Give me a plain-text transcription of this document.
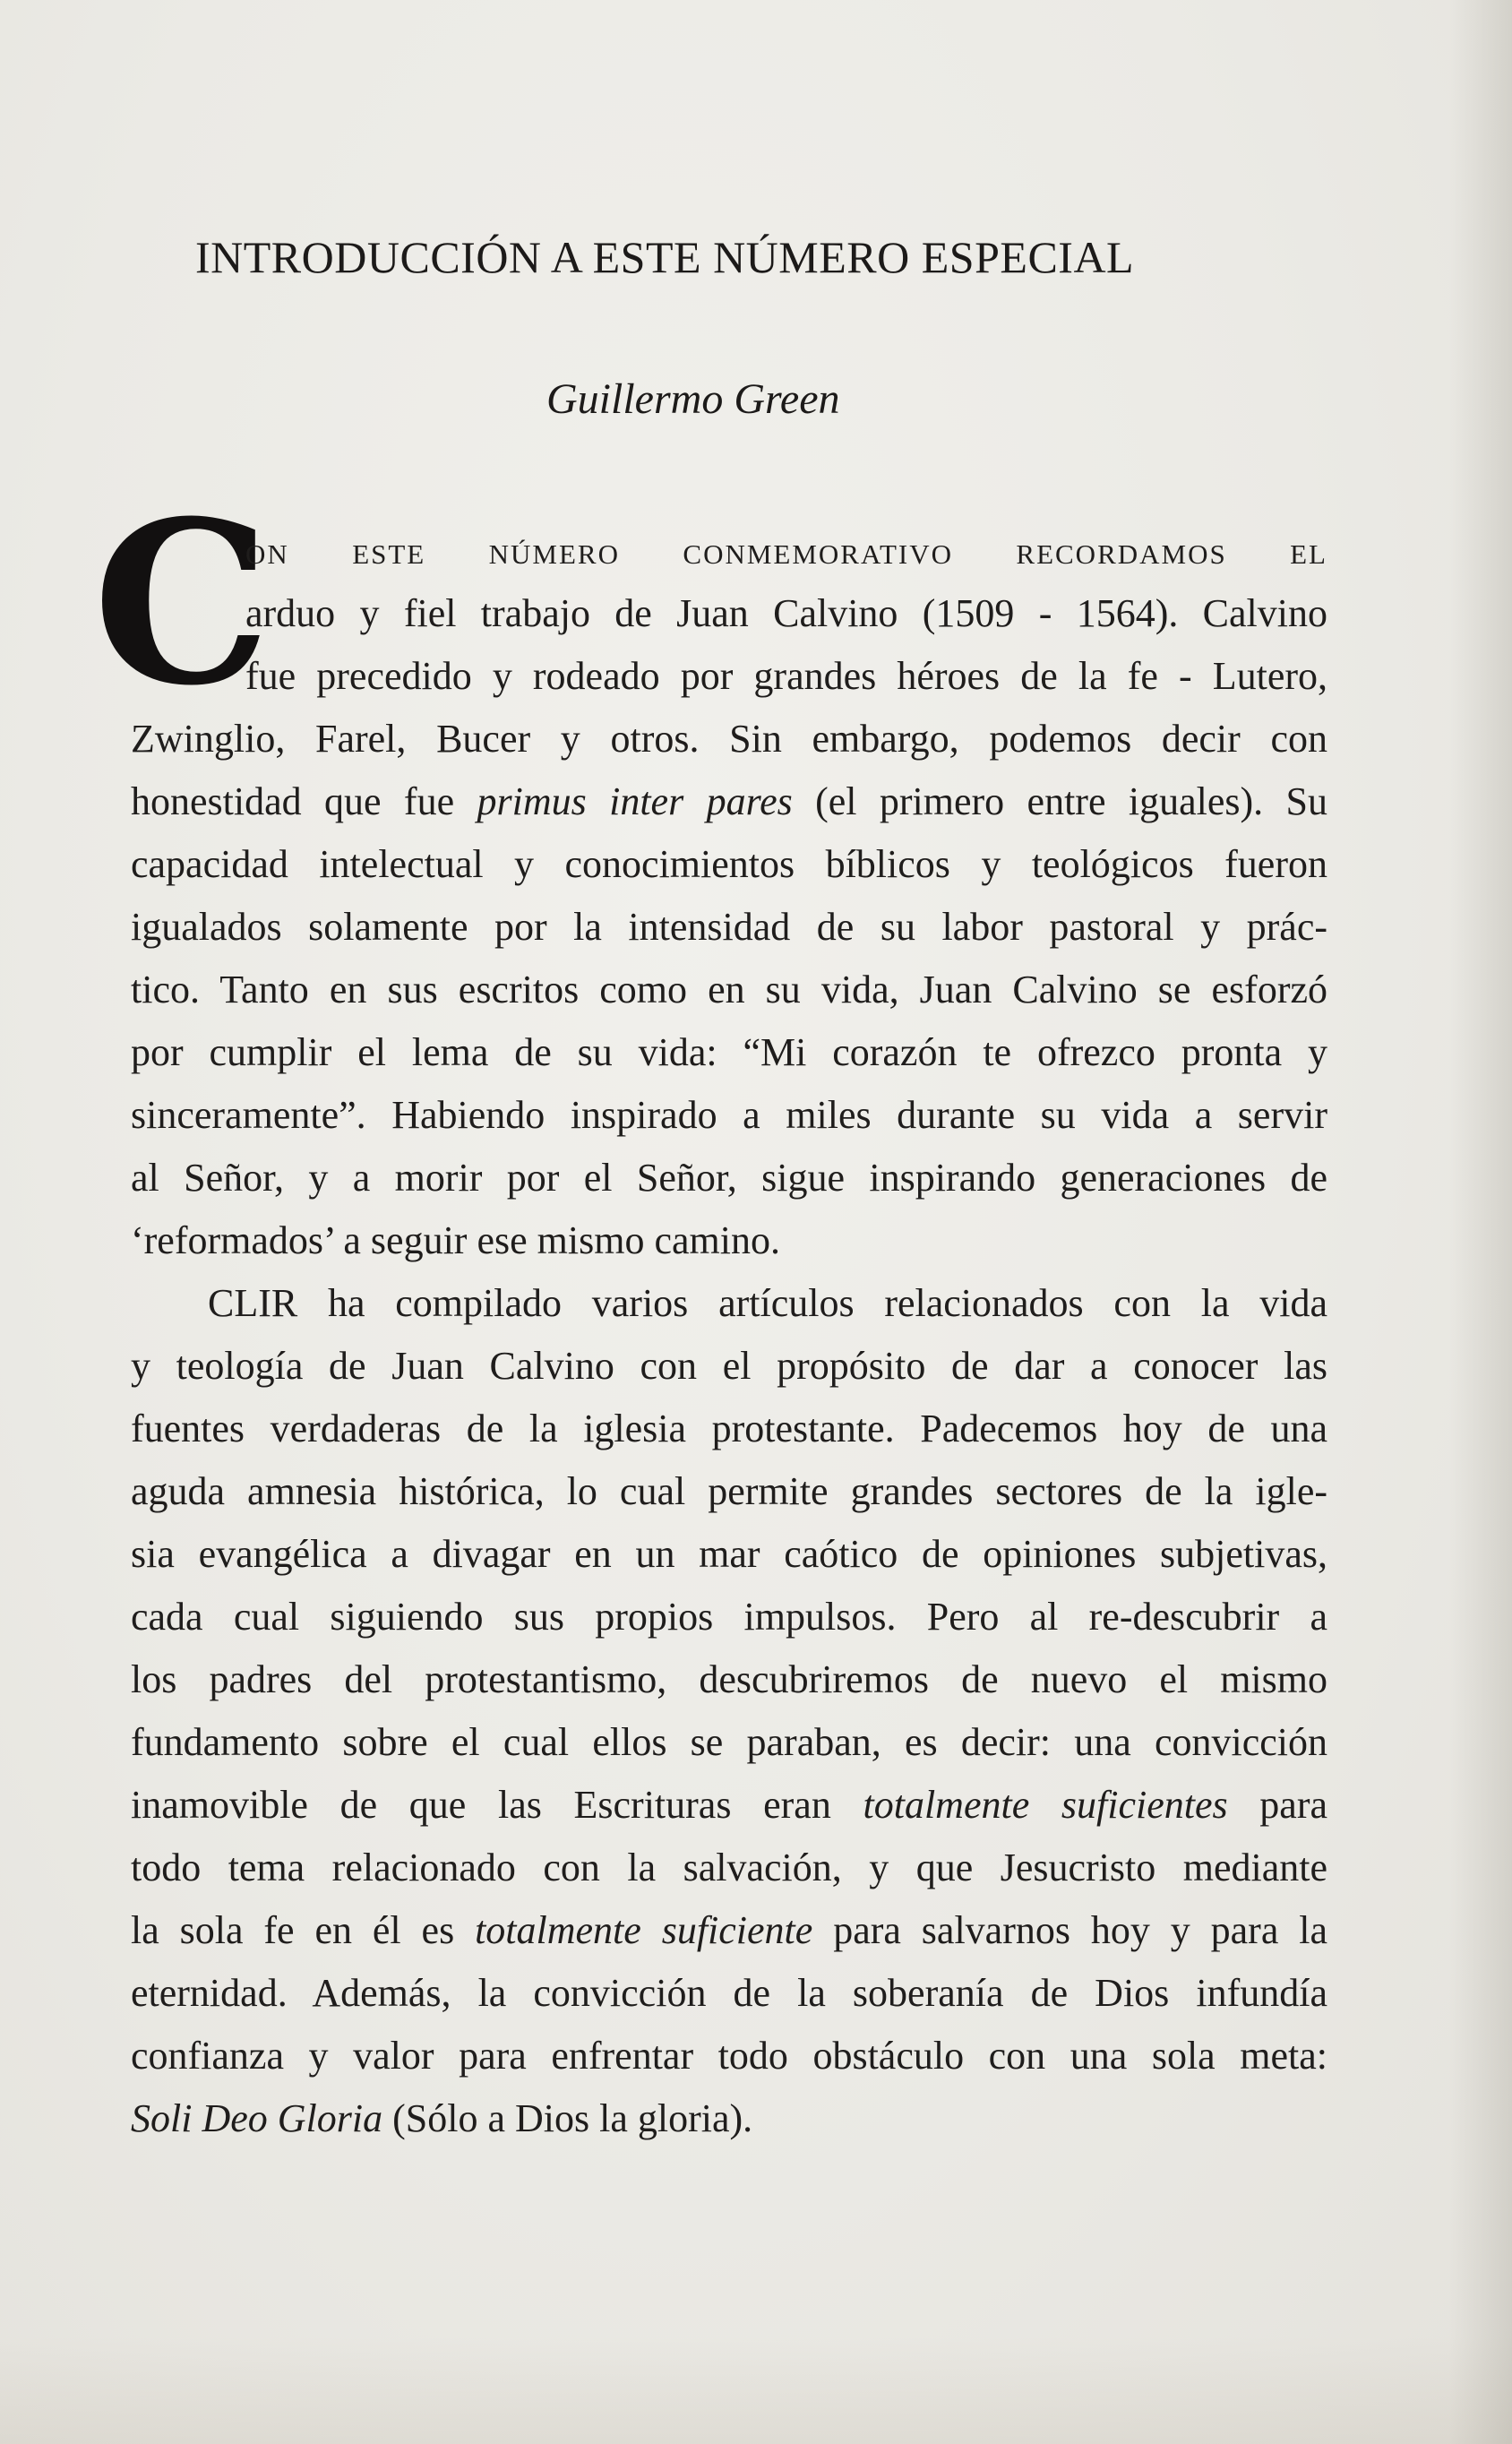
INTRODUCCIÓN A ESTE NÚMERO ESPECIAL

Guillermo Green

C
on este número conmemorativo recordamos el
arduo y fiel trabajo de Juan Calvino (1509 - 1564). Calvino
fue precedido y rodeado por grandes héroes de la fe - Lutero,
Zwinglio, Farel, Bucer y otros. Sin embargo, podemos decir con
honestidad que fue primus inter pares (el primero entre iguales). Su
capacidad intelectual y conocimientos bíblicos y teológicos fueron
igualados solamente por la intensidad de su labor pastoral y prác-
tico. Tanto en sus escritos como en su vida, Juan Calvino se esforzó
por cumplir el lema de su vida: “Mi corazón te ofrezco pronta y
sinceramente”. Habiendo inspirado a miles durante su vida a servir
al Señor, y a morir por el Señor, sigue inspirando generaciones de
‘reformados’ a seguir ese mismo camino.
CLIR ha compilado varios artículos relacionados con la vida
y teología de Juan Calvino con el propósito de dar a conocer las
fuentes verdaderas de la iglesia protestante. Padecemos hoy de una
aguda amnesia histórica, lo cual permite grandes sectores de la igle-
sia evangélica a divagar en un mar caótico de opiniones subjetivas,
cada cual siguiendo sus propios impulsos. Pero al re-descubrir a
los padres del protestantismo, descubriremos de nuevo el mismo
fundamento sobre el cual ellos se paraban, es decir: una convicción
inamovible de que las Escrituras eran totalmente suficientes para
todo tema relacionado con la salvación, y que Jesucristo mediante
la sola fe en él es totalmente suficiente para salvarnos hoy y para la
eternidad. Además, la convicción de la soberanía de Dios infundía
confianza y valor para enfrentar todo obstáculo con una sola meta:
Soli Deo Gloria (Sólo a Dios la gloria).
